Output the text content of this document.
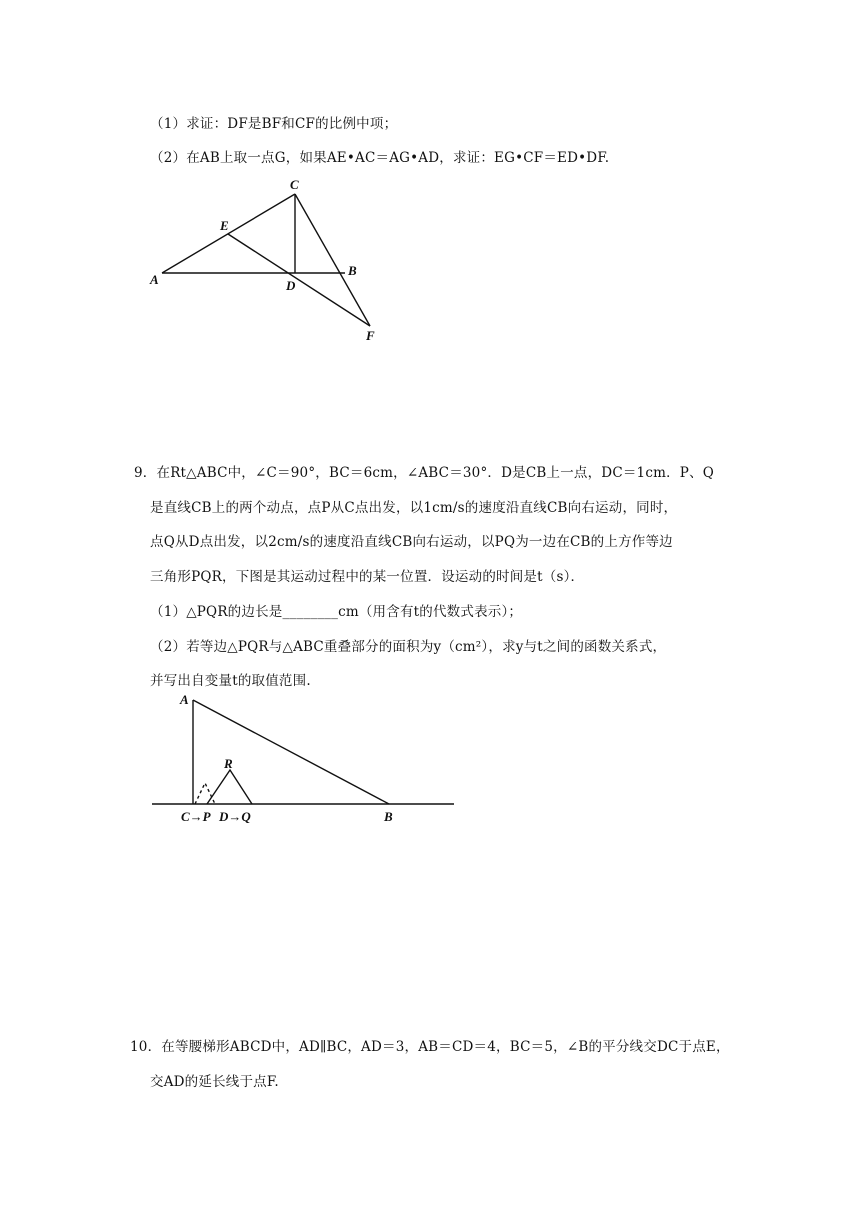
（1）求证：DF是BF和CF的比例中项；
（2）在AB上取一点G，如果AE•AC＝AG•AD，求证：EG•CF＝ED•DF.
C
E
A	D
B
F
9．在Rt△ABC中，∠C＝90°，BC＝6cm，∠ABC＝30°．D是CB上一点，DC＝1cm．P、Q
是直线CB上的两个动点，点P从C点出发，以1cm/s的速度沿直线CB向右运动，同时，
点Q从D点出发，以2cm/s的速度沿直线CB向右运动，以PQ为一边在CB的上方作等边
三角形PQR，下图是其运动过程中的某一位置．设运动的时间是t（s）．
（1）△PQR的边长是________cm（用含有t的代数式表示）；
（2）若等边△PQR与△ABC重叠部分的面积为y（cm²），求y与t之间的函数关系式，
并写出自变量t的取值范围.
A
R
C→P D→Q	B
10．在等腰梯形ABCD中，AD∥BC，AD＝3，AB＝CD＝4，BC＝5，∠B的平分线交DC于点E，
交AD的延长线于点F.
